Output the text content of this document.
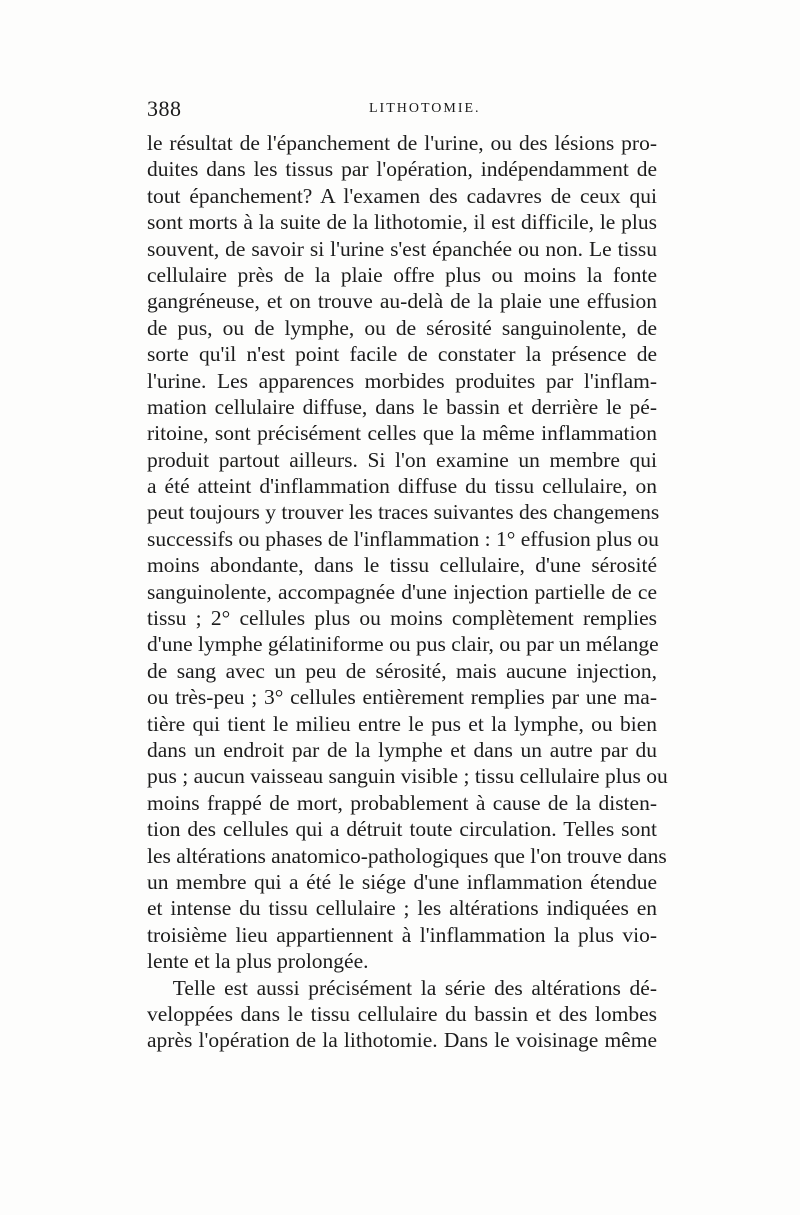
388	LITHOTOMIE.
le résultat de l'épanchement de l'urine, ou des lésions pro-
duites dans les tissus par l'opération, indépendamment de
tout épanchement? A l'examen des cadavres de ceux qui
sont morts à la suite de la lithotomie, il est difficile, le plus
souvent, de savoir si l'urine s'est épanchée ou non. Le tissu
cellulaire près de la plaie offre plus ou moins la fonte
gangréneuse, et on trouve au-delà de la plaie une effusion
de pus, ou de lymphe, ou de sérosité sanguinolente, de
sorte qu'il n'est point facile de constater la présence de
l'urine. Les apparences morbides produites par l'inflam-
mation cellulaire diffuse, dans le bassin et derrière le pé-
ritoine, sont précisément celles que la même inflammation
produit partout ailleurs. Si l'on examine un membre qui
a été atteint d'inflammation diffuse du tissu cellulaire, on
peut toujours y trouver les traces suivantes des changemens
successifs ou phases de l'inflammation : 1° effusion plus ou
moins abondante, dans le tissu cellulaire, d'une sérosité
sanguinolente, accompagnée d'une injection partielle de ce
tissu ; 2° cellules plus ou moins complètement remplies
d'une lymphe gélatiniforme ou pus clair, ou par un mélange
de sang avec un peu de sérosité, mais aucune injection,
ou très-peu ; 3° cellules entièrement remplies par une ma-
tière qui tient le milieu entre le pus et la lymphe, ou bien
dans un endroit par de la lymphe et dans un autre par du
pus ; aucun vaisseau sanguin visible ; tissu cellulaire plus ou
moins frappé de mort, probablement à cause de la disten-
tion des cellules qui a détruit toute circulation. Telles sont
les altérations anatomico-pathologiques que l'on trouve dans
un membre qui a été le siége d'une inflammation étendue
et intense du tissu cellulaire ; les altérations indiquées en
troisième lieu appartiennent à l'inflammation la plus vio-
lente et la plus prolongée.
Telle est aussi précisément la série des altérations dé-
veloppées dans le tissu cellulaire du bassin et des lombes
après l'opération de la lithotomie. Dans le voisinage même
